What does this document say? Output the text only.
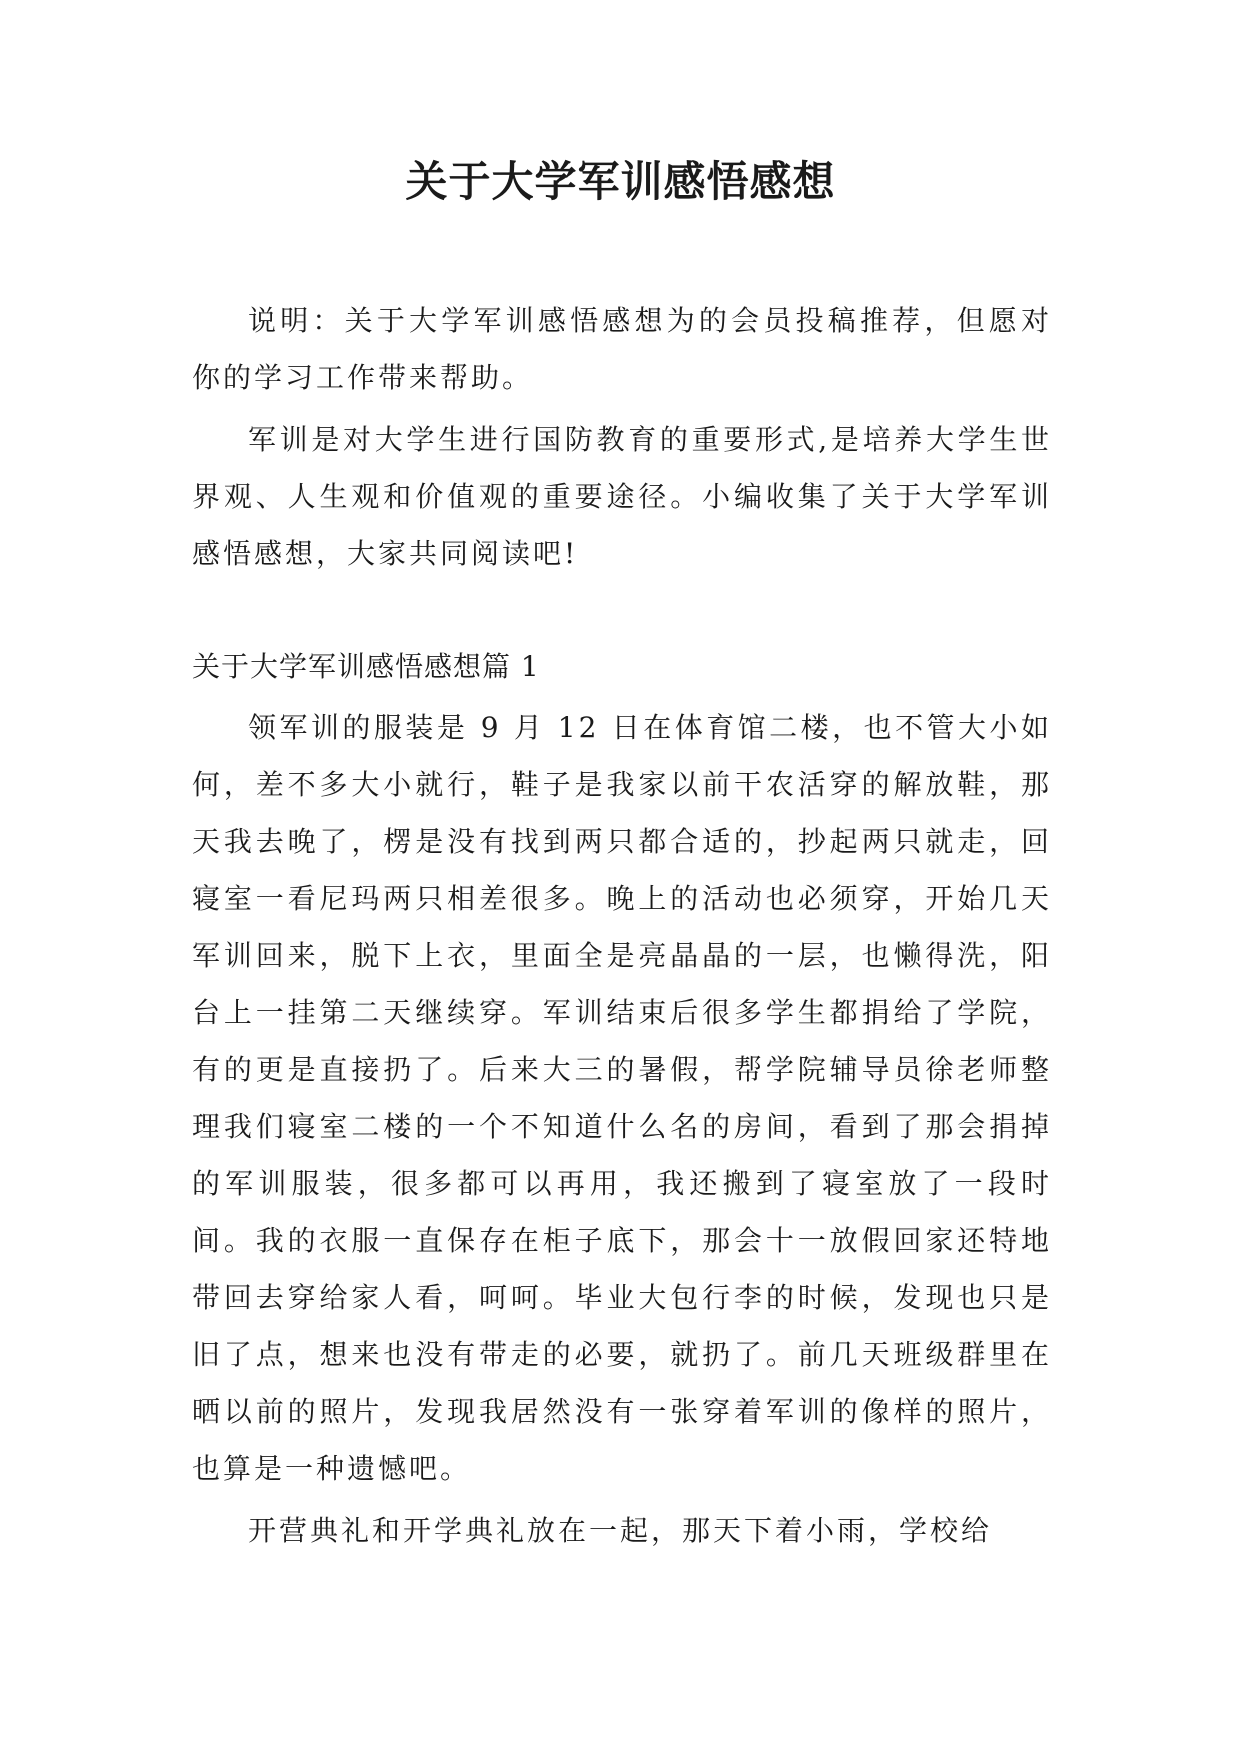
关于大学军训感悟感想

说明：关于大学军训感悟感想为的会员投稿推荐，但愿对你的学习工作带来帮助。

军训是对大学生进行国防教育的重要形式,是培养大学生世界观、人生观和价值观的重要途径。小编收集了关于大学军训感悟感想，大家共同阅读吧!

关于大学军训感悟感想篇 1

领军训的服装是 9 月 12 日在体育馆二楼，也不管大小如何，差不多大小就行，鞋子是我家以前干农活穿的解放鞋，那天我去晚了，楞是没有找到两只都合适的，抄起两只就走，回寝室一看尼玛两只相差很多。晚上的活动也必须穿，开始几天军训回来，脱下上衣，里面全是亮晶晶的一层，也懒得洗，阳台上一挂第二天继续穿。军训结束后很多学生都捐给了学院，有的更是直接扔了。后来大三的暑假，帮学院辅导员徐老师整理我们寝室二楼的一个不知道什么名的房间，看到了那会捐掉的军训服装，很多都可以再用，我还搬到了寝室放了一段时间。我的衣服一直保存在柜子底下，那会十一放假回家还特地带回去穿给家人看，呵呵。毕业大包行李的时候，发现也只是旧了点，想来也没有带走的必要，就扔了。前几天班级群里在晒以前的照片，发现我居然没有一张穿着军训的像样的照片，也算是一种遗憾吧。

开营典礼和开学典礼放在一起，那天下着小雨，学校给
